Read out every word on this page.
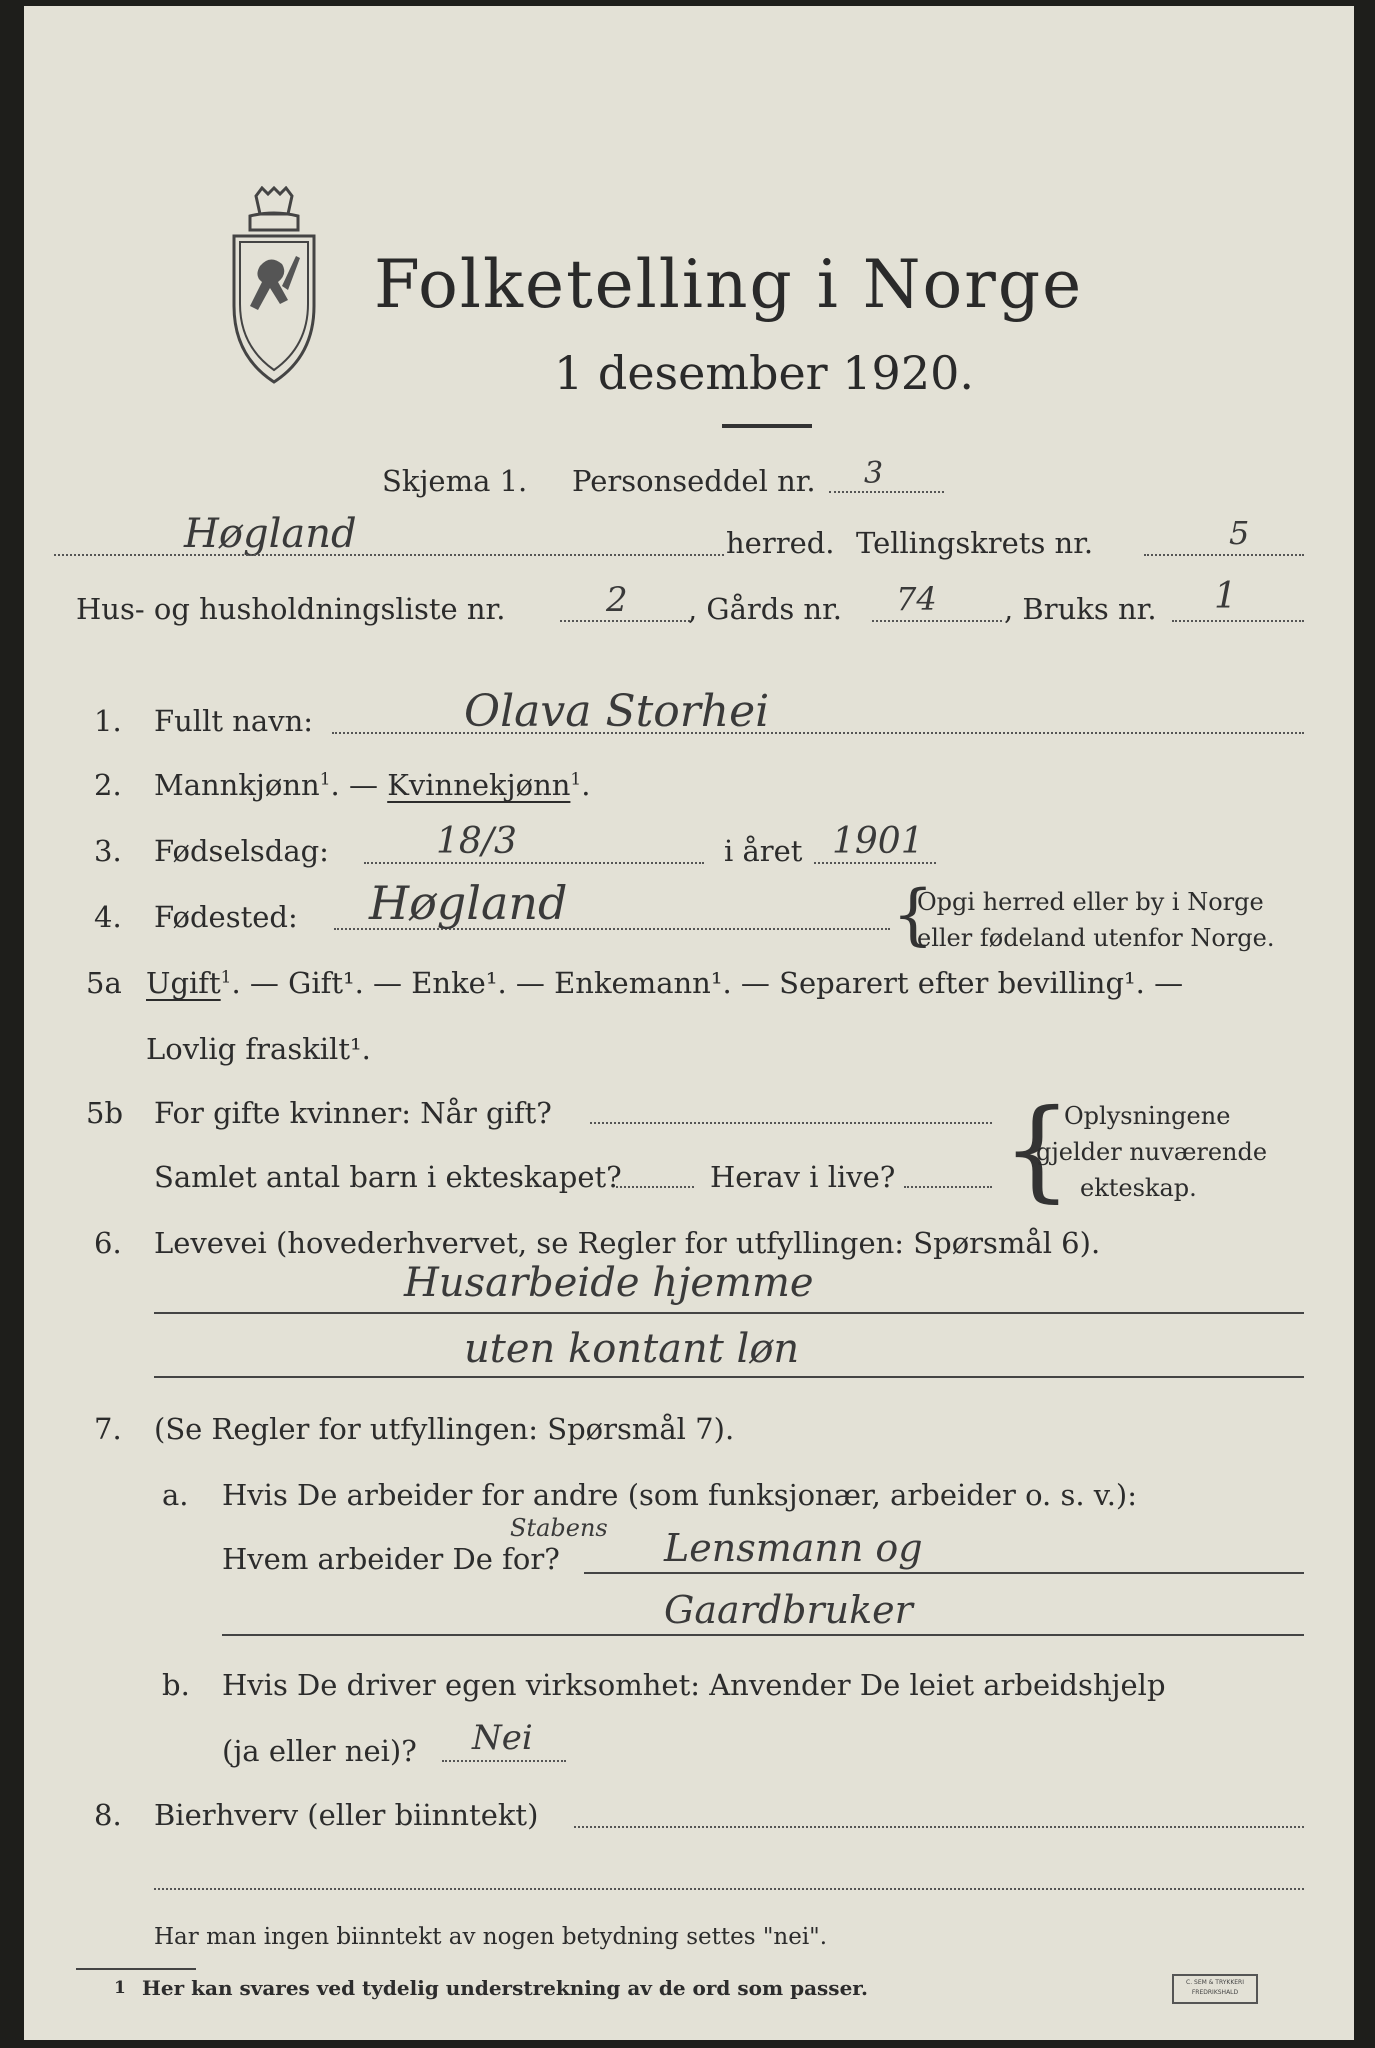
Folketelling i Norge
1 desember 1920.
Skjema 1. Personseddel nr. 3
Høgland	herred. Tellingskrets nr.	5
Hus- og husholdningsliste nr.	2 , Gårds nr. 74 , Bruks nr. 1
1. Fullt navn:	Olava Storhei
2. Mannkjønn$^1$. — Kvinnekjønn$^1$.
3. Fødselsdag:	18/3	i året 1901
4. Fødested: Høgland	{
Opgi herred eller by i Norge
eller fødeland utenfor Norge.
5a Ugift$^1$. — Gift¹. — Enke¹. — Enkemann¹. — Separert efter bevilling¹. —
Lovlig fraskilt¹.
5b For gifte kvinner: Når gift?
Samlet antal barn i ekteskapet?	Herav i live? {
Oplysningene
gjelder nuværende
ekteskap.
6. Levevei (hovederhvervet, se Regler for utfyllingen: Spørsmål 6).
Husarbeide hjemme
uten kontant løn
7. (Se Regler for utfyllingen: Spørsmål 7).
a. Hvis De arbeider for andre (som funksjonær, arbeider o. s. v.):
Hvem arbeider De for?
Stabens Lensmann og
Gaardbruker
b. Hvis De driver egen virksomhet: Anvender De leiet arbeidshjelp
(ja eller nei)? Nei
8. Bierhverv (eller biinntekt)
Har man ingen biinntekt av nogen betydning settes "nei".
1 Her kan svares ved tydelig understrekning av de ord som passer.	C. SEM & TRYKKERI
FREDRIKSHALD
